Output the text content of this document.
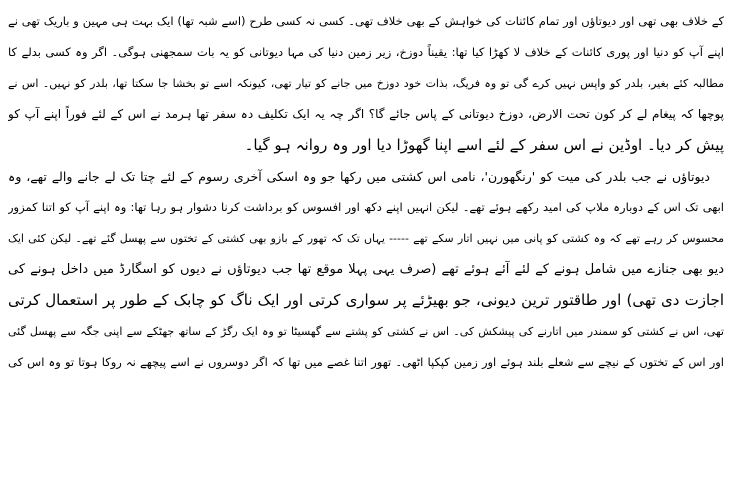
کے خلاف بھی تھی اور دیوتاؤں اور تمام کائنات کی خواہش کے بھی خلاف تھی۔ کسی نہ کسی طرح (اسے شبہ تھا) ایک بہت ہی مہین و باریک تھی نے
اپنے آپ کو دنیا اور پوری کائنات کے خلاف لا کھڑا کیا تھا: یقیناً دوزخ، زیر زمین دنیا کی مہا دیوتانی کو یہ بات سمجھنی ہوگی۔ اگر وہ کسی بدلے کا
مطالبہ کئے بغیر، بلدر کو واپس نہیں کرے گی تو وہ فریگ، بذات خود دوزخ میں جانے کو تیار تھی، کیونکہ اسے تو بخشا جا سکتا تھا، بلدر کو نہیں۔ اس نے
پوچھا کہ پیغام لے کر کون تحت الارض، دوزخ دیوتانی کے پاس جائے گا؟ اگر چہ یہ ایک تکلیف دہ سفر تھا ہرمد نے اس کے لئے فوراً اپنے آپ کو
پیش کر دیا۔ اوڈین نے اس سفر کے لئے اسے اپنا گھوڑا دیا اور وہ روانہ ہو گیا۔
دیوتاؤں نے جب بلدر کی میت کو 'رنگھورن'، نامی اس کشتی میں رکھا جو وہ اسکی آخری رسوم کے لئے چتا تک لے جانے والے تھے، وہ
ابھی تک اس کے دوبارہ ملاپ کی امید رکھے ہوئے تھے۔ لیکن انہیں اپنے دکھ اور افسوس کو برداشت کرنا دشوار ہو رہا تھا: وہ اپنے آپ کو اتنا کمزور
محسوس کر رہے تھے کہ وہ کشتی کو پانی میں نہیں اتار سکے تھے ----- یہاں تک کہ تھور کے بازو بھی کشتی کے تختوں سے پھسل گئے تھے۔ لیکن کئی ایک
دیو بھی جنازے میں شامل ہونے کے لئے آئے ہوئے تھے (صرف یہی پہلا موقع تھا جب دیوتاؤں نے دیوں کو اسگارڈ میں داخل ہونے کی
اجازت دی تھی) اور طاقتور ترین دیونی، جو بھیڑئے پر سواری کرتی اور ایک ناگ کو چابک کے طور پر استعمال کرتی
تھی، اس نے کشتی کو سمندر میں اتارنے کی پیشکش کی۔ اس نے کشتی کو پشتے سے گھسیٹا تو وہ ایک رگڑ کے ساتھ جھٹکے سے اپنی جگہ سے پھسل گئی
اور اس کے تختوں کے نیچے سے شعلے بلند ہوئے اور زمین کپکپا اٹھی۔ تھور اتنا غصے میں تھا کہ اگر دوسروں نے اسے پیچھے نہ روکا ہوتا تو وہ اس کی
